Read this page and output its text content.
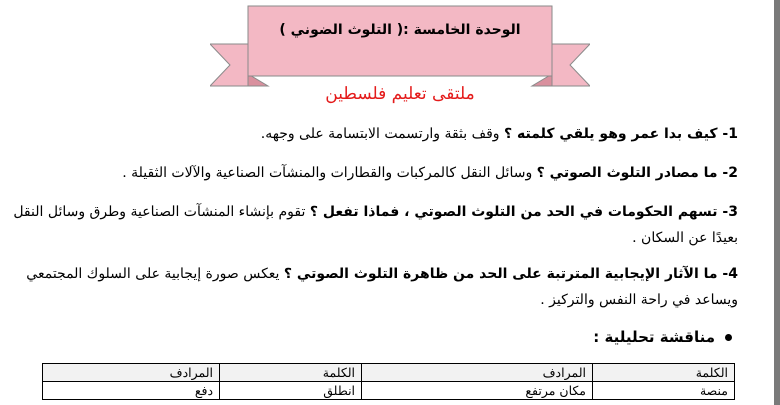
الوحدة الخامسة :( التلوث الضوني )
ملتقى تعليم فلسطين
1- كيف بدا عمر وهو يلقي كلمته ؟ وقف بثقة وارتسمت الابتسامة على وجهه.
2- ما مصادر التلوث الصوتي ؟ وسائل النقل كالمركبات والقطارات والمنشآت الصناعية والآلات الثقيلة .
3- تسهم الحكومات في الحد من التلوث الصوتي ، فماذا تفعل ؟ تقوم بإنشاء المنشآت الصناعية وطرق وسائل النقل
بعيدًا عن السكان .
4- ما الآثار الإيجابية المترتبة على الحد من ظاهرة التلوث الصوتي ؟ يعكس صورة إيجابية على السلوك المجتمعي
ويساعد في راحة النفس والتركيز .
مناقشة تحليلية :
الكلمة	المرادف	الكلمة	المرادف
منصة	مكان مرتفع	انطلق	دفع
